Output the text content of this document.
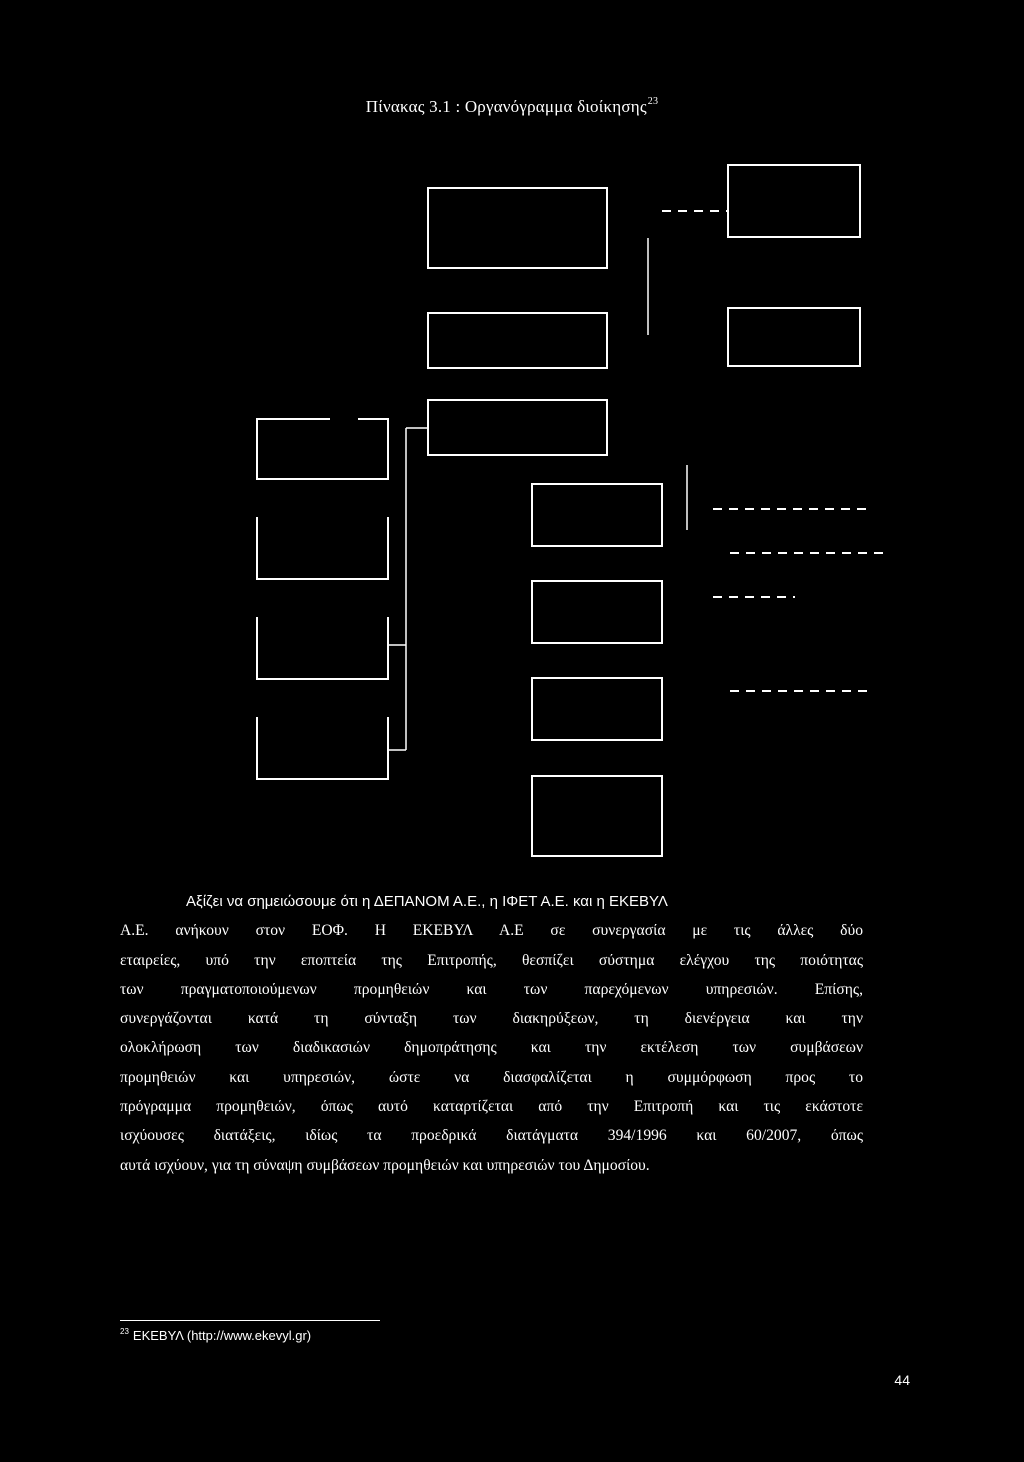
Πίνακας 3.1 : Οργανόγραμμα διοίκησης$^{23}$
Αξίζει να σημειώσουμε ότι η ΔΕΠΑΝΟΜ Α.Ε., η ΙΦΕΤ Α.Ε. και η ΕΚΕΒΥΛ
Α.Ε. ανήκουν στον ΕΟΦ. Η ΕΚΕΒΥΛ Α.Ε σε συνεργασία με τις άλλες δύο
εταιρείες, υπό την εποπτεία της Επιτροπής, θεσπίζει σύστημα ελέγχου της ποιότητας
των πραγματοποιούμενων προμηθειών και των παρεχόμενων υπηρεσιών. Επίσης,
συνεργάζονται κατά τη σύνταξη των διακηρύξεων, τη διενέργεια και την
ολοκλήρωση των διαδικασιών δημοπράτησης και την εκτέλεση των συμβάσεων
προμηθειών και υπηρεσιών, ώστε να διασφαλίζεται η συμμόρφωση προς το
πρόγραμμα προμηθειών, όπως αυτό καταρτίζεται από την Επιτροπή και τις εκάστοτε
ισχύουσες διατάξεις, ιδίως τα προεδρικά διατάγματα 394/1996 και 60/2007, όπως
αυτά ισχύουν, για τη σύναψη συμβάσεων προμηθειών και υπηρεσιών του Δημοσίου.
$^{23}$ ΕΚΕΒΥΛ (http://www.ekevyl.gr)
44
